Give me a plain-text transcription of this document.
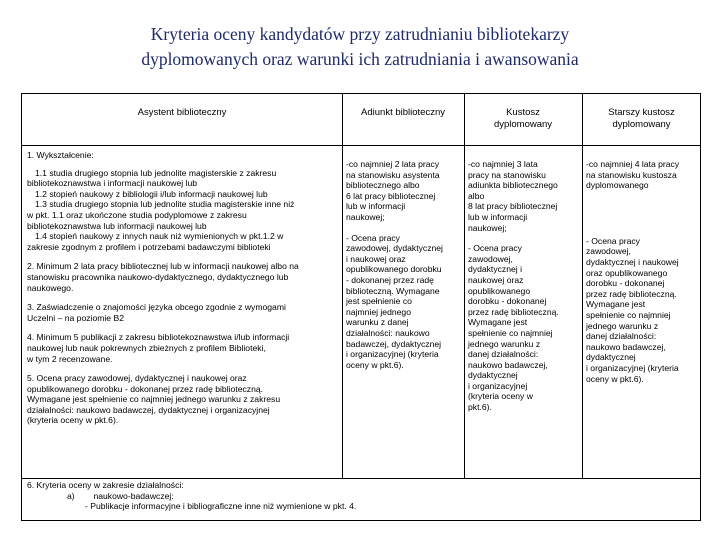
Kryteria oceny kandydatów przy zatrudnianiu bibliotekarzy
dyplomowanych oraz warunki ich zatrudniania i awansowania
Asystent biblioteczny	Adiunkt biblioteczny	Kustosz
dyplomowany
Starszy kustosz
dyplomowany

1. Wykształcenie:

1.1 studia drugiego stopnia lub jednolite magisterskie z zakresu

bibliotekoznawstwa i informacji naukowej lub

1.2 stopień naukowy z bibliologii i/lub informacji naukowej lub

1.3 studia drugiego stopnia lub jednolite studia magisterskie inne niż

w pkt. 1.1 oraz ukończone studia podyplomowe z zakresu

bibliotekoznawstwa lub informacji naukowej lub

1.4 stopień naukowy z innych nauk niż wymienionych w pkt.1.2 w

zakresie zgodnym z profilem i potrzebami badawczymi biblioteki

2. Minimum 2 lata pracy bibliotecznej lub w informacji naukowej albo na

stanowisku pracownika naukowo-dydaktycznego, dydaktycznego lub

naukowego.

3. Zaświadczenie o znajomości języka obcego zgodnie z wymogami

Uczelni – na poziomie B2

4. Minimum 5 publikacji z zakresu bibliotekoznawstwa i/lub informacji

naukowej lub nauk pokrewnych zbieżnych z profilem Biblioteki,

w tym 2 recenzowane.

5. Ocena pracy zawodowej, dydaktycznej i naukowej oraz

opublikowanego dorobku - dokonanej przez radę biblioteczną.

Wymagane jest spełnienie co najmniej jednego warunku z zakresu

działalności: naukowo badawczej, dydaktycznej i organizacyjnej

(kryteria oceny w pkt.6).

-co najmniej 2 lata pracy

na stanowisku asystenta

bibliotecznego albo

6 lat pracy bibliotecznej

lub w informacji

naukowej;

- Ocena pracy

zawodowej, dydaktycznej

i naukowej oraz

opublikowanego dorobku

- dokonanej przez radę

biblioteczną. Wymagane

jest spełnienie co

najmniej jednego

warunku z danej

działalności: naukowo

badawczej, dydaktycznej

i organizacyjnej (kryteria

oceny w pkt.6).

-co najmniej 3 lata

pracy na stanowisku

adiunkta bibliotecznego

albo

8 lat pracy bibliotecznej

lub w informacji

naukowej;

- Ocena pracy

zawodowej,

dydaktycznej i

naukowej oraz

opublikowanego

dorobku - dokonanej

przez radę biblioteczną.

Wymagane jest

spełnienie co najmniej

jednego warunku z

danej działalności:

naukowo badawczej,

dydaktycznej

i organizacyjnej

(kryteria oceny w

pkt.6).

-co najmniej 4 lata pracy

na stanowisku kustosza

dyplomowanego

- Ocena pracy

zawodowej,

dydaktycznej i naukowej

oraz opublikowanego

dorobku - dokonanej

przez radę biblioteczną.

Wymagane jest

spełnienie co najmniej

jednego warunku z

danej działalności:

naukowo badawczej,

dydaktycznej

i organizacyjnej (kryteria

oceny w pkt.6).

6. Kryteria oceny w zakresie działalności:

a) naukowo-badawczej:

- Publikacje informacyjne i bibliograficzne inne niż wymienione w pkt. 4.
